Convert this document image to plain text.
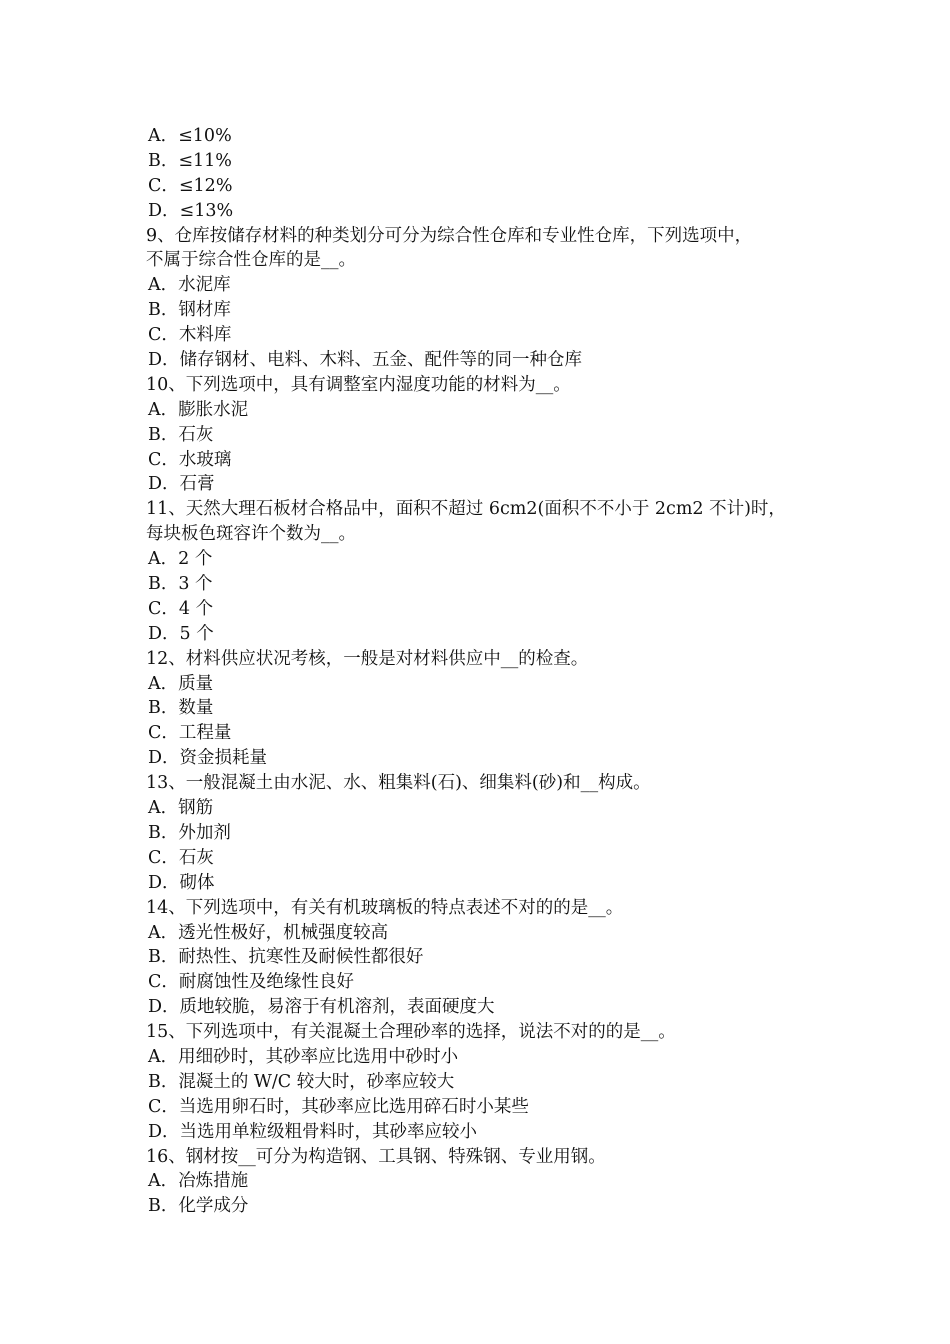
A．≤10%
B．≤11%
C．≤12%
D．≤13%
9、仓库按储存材料的种类划分可分为综合性仓库和专业性仓库，下列选项中，
不属于综合性仓库的是__。
A．水泥库
B．钢材库
C．木料库
D．储存钢材、电料、木料、五金、配件等的同一种仓库
10、下列选项中，具有调整室内湿度功能的材料为__。
A．膨胀水泥
B．石灰
C．水玻璃
D．石膏
11、天然大理石板材合格品中，面积不超过 6cm2(面积不不小于 2cm2 不计)时，
每块板色斑容许个数为__。
A．2 个
B．3 个
C．4 个
D．5 个
12、材料供应状况考核，一般是对材料供应中__的检查。
A．质量
B．数量
C．工程量
D．资金损耗量
13、一般混凝土由水泥、水、粗集料(石)、细集料(砂)和__构成。
A．钢筋
B．外加剂
C．石灰
D．砌体
14、下列选项中，有关有机玻璃板的特点表述不对的的是__。
A．透光性极好，机械强度较高
B．耐热性、抗寒性及耐候性都很好
C．耐腐蚀性及绝缘性良好
D．质地较脆，易溶于有机溶剂，表面硬度大
15、下列选项中，有关混凝土合理砂率的选择，说法不对的的是__。
A．用细砂时，其砂率应比选用中砂时小
B．混凝土的 W/C 较大时，砂率应较大
C．当选用卵石时，其砂率应比选用碎石时小某些
D．当选用单粒级粗骨料时，其砂率应较小
16、钢材按__可分为构造钢、工具钢、特殊钢、专业用钢。
A．冶炼措施
B．化学成分
